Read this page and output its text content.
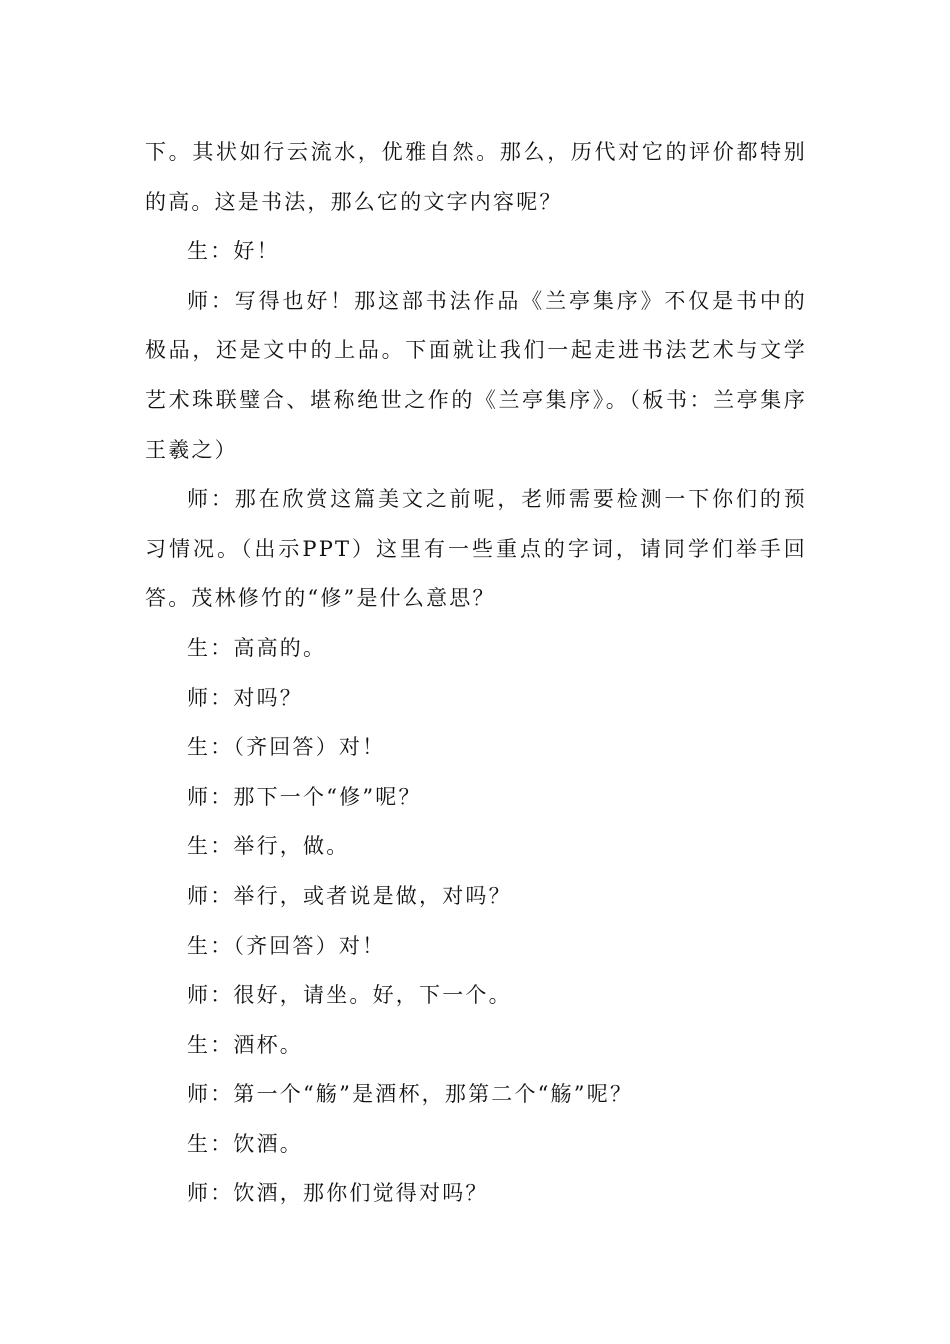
下。其状如行云流水，优雅自然。那么，历代对它的评价都特别的高。这是书法，那么它的文字内容呢？

生：好！

师：写得也好！那这部书法作品《兰亭集序》不仅是书中的极品，还是文中的上品。下面就让我们一起走进书法艺术与文学艺术珠联璧合、堪称绝世之作的《兰亭集序》。（板书：兰亭集序王羲之）

师：那在欣赏这篇美文之前呢，老师需要检测一下你们的预习情况。（出示PPT）这里有一些重点的字词，请同学们举手回答。茂林修竹的“修”是什么意思？

生：高高的。

师：对吗？

生：（齐回答）对！

师：那下一个“修”呢？

生：举行，做。

师：举行，或者说是做，对吗？

生：（齐回答）对！

师：很好，请坐。好，下一个。

生：酒杯。

师：第一个“觞”是酒杯，那第二个“觞”呢？

生：饮酒。

师：饮酒，那你们觉得对吗？
